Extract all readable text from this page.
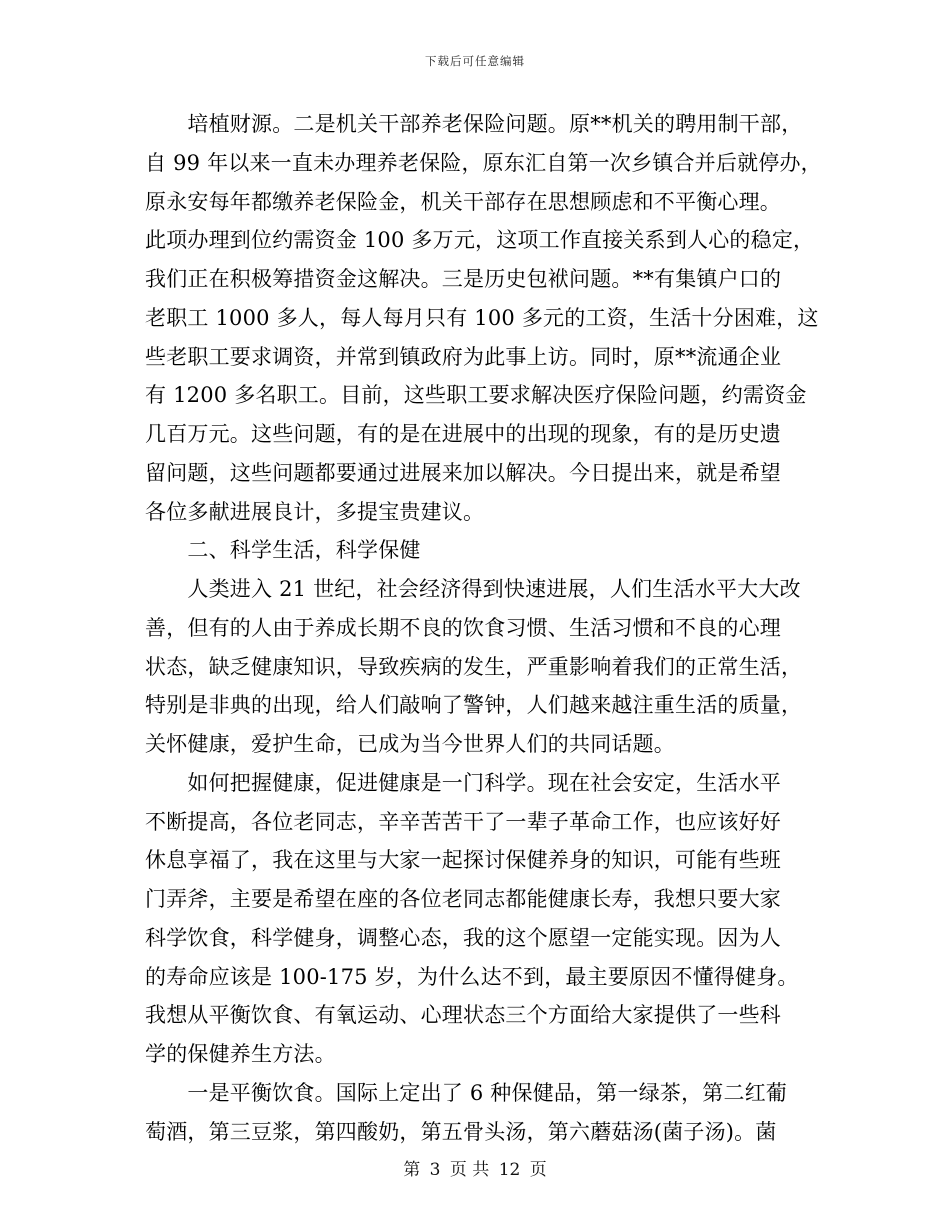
下载后可任意编辑
　　培植财源。二是机关干部养老保险问题。原**机关的聘用制干部，
自 99 年以来一直未办理养老保险，原东汇自第一次乡镇合并后就停办，
原永安每年都缴养老保险金，机关干部存在思想顾虑和不平衡心理。
此项办理到位约需资金 100 多万元，这项工作直接关系到人心的稳定，
我们正在积极筹措资金这解决。三是历史包袱问题。**有集镇户口的
老职工 1000 多人，每人每月只有 100 多元的工资，生活十分困难，这
些老职工要求调资，并常到镇政府为此事上访。同时，原**流通企业
有 1200 多名职工。目前，这些职工要求解决医疗保险问题，约需资金
几百万元。这些问题，有的是在进展中的出现的现象，有的是历史遗
留问题，这些问题都要通过进展来加以解决。今日提出来，就是希望
各位多献进展良计，多提宝贵建议。
　　二、科学生活，科学保健
　　人类进入 21 世纪，社会经济得到快速进展，人们生活水平大大改
善，但有的人由于养成长期不良的饮食习惯、生活习惯和不良的心理
状态，缺乏健康知识，导致疾病的发生，严重影响着我们的正常生活，
特别是非典的出现，给人们敲响了警钟，人们越来越注重生活的质量，
关怀健康，爱护生命，已成为当今世界人们的共同话题。
　　如何把握健康，促进健康是一门科学。现在社会安定，生活水平
不断提高，各位老同志，辛辛苦苦干了一辈子革命工作，也应该好好
休息享福了，我在这里与大家一起探讨保健养身的知识，可能有些班
门弄斧，主要是希望在座的各位老同志都能健康长寿，我想只要大家
科学饮食，科学健身，调整心态，我的这个愿望一定能实现。因为人
的寿命应该是 100-175 岁，为什么达不到，最主要原因不懂得健身。
我想从平衡饮食、有氧运动、心理状态三个方面给大家提供了一些科
学的保健养生方法。
　　一是平衡饮食。国际上定出了 6 种保健品，第一绿茶，第二红葡
萄酒，第三豆浆，第四酸奶，第五骨头汤，第六蘑菇汤(菌子汤)。菌
第 3 页 共 12 页
